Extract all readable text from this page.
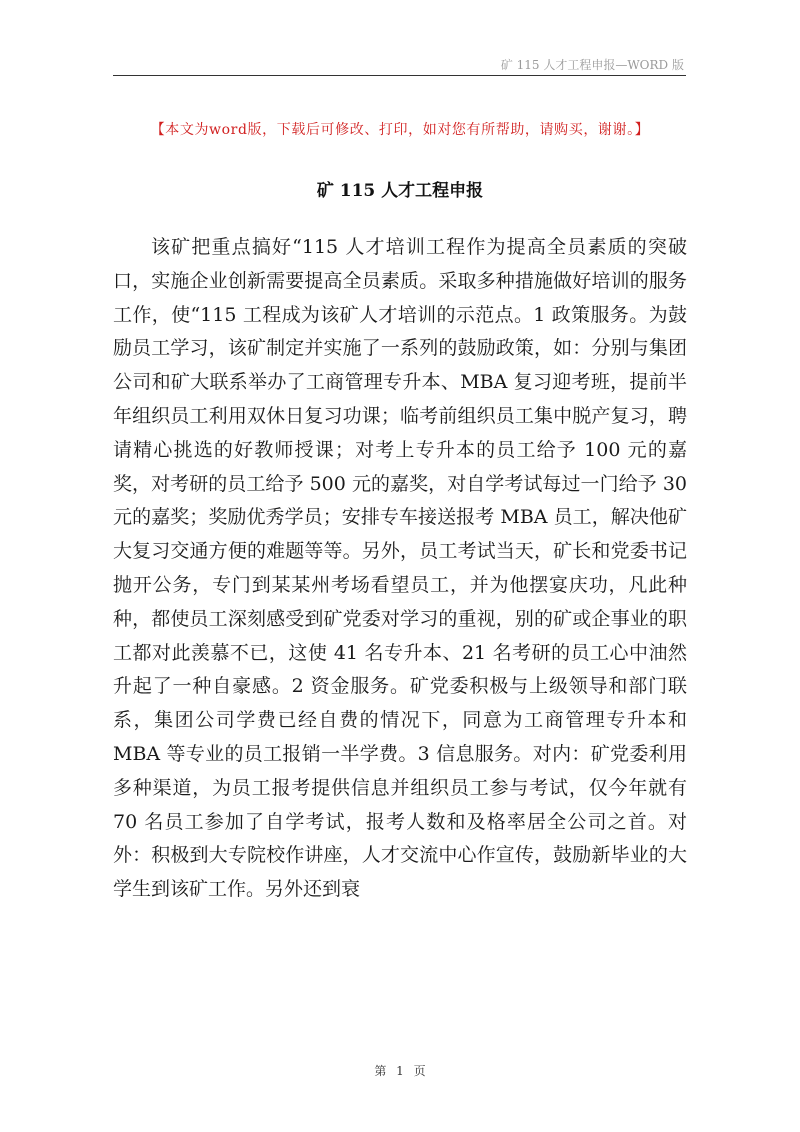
矿 115 人才工程申报—WORD 版
【本文为word版，下载后可修改、打印，如对您有所帮助，请购买，谢谢。】
矿 115 人才工程申报

该矿把重点搞好“115 人才培训工程作为提高全员素质的突破口，实施企业创新需要提高全员素质。采取多种措施做好培训的服务工作，使“115 工程成为该矿人才培训的示范点。1 政策服务。为鼓励员工学习，该矿制定并实施了一系列的鼓励政策，如：分别与集团公司和矿大联系举办了工商管理专升本、MBA 复习迎考班，提前半年组织员工利用双休日复习功课；临考前组织员工集中脱产复习，聘请精心挑选的好教师授课；对考上专升本的员工给予 100 元的嘉奖，对考研的员工给予 500 元的嘉奖，对自学考试每过一门给予 30 元的嘉奖；奖励优秀学员；安排专车接送报考 MBA 员工，解决他矿大复习交通方便的难题等等。另外，员工考试当天，矿长和党委书记抛开公务，专门到某某州考场看望员工，并为他摆宴庆功，凡此种种，都使员工深刻感受到矿党委对学习的重视，别的矿或企事业的职工都对此羡慕不已，这使 41 名专升本、21 名考研的员工心中油然升起了一种自豪感。2 资金服务。矿党委积极与上级领导和部门联系，集团公司学费已经自费的情况下，同意为工商管理专升本和 MBA 等专业的员工报销一半学费。3 信息服务。对内：矿党委利用多种渠道，为员工报考提供信息并组织员工参与考试，仅今年就有 70 名员工参加了自学考试，报考人数和及格率居全公司之首。对外：积极到大专院校作讲座，人才交流中心作宣传，鼓励新毕业的大学生到该矿工作。另外还到衰

第 1 页
